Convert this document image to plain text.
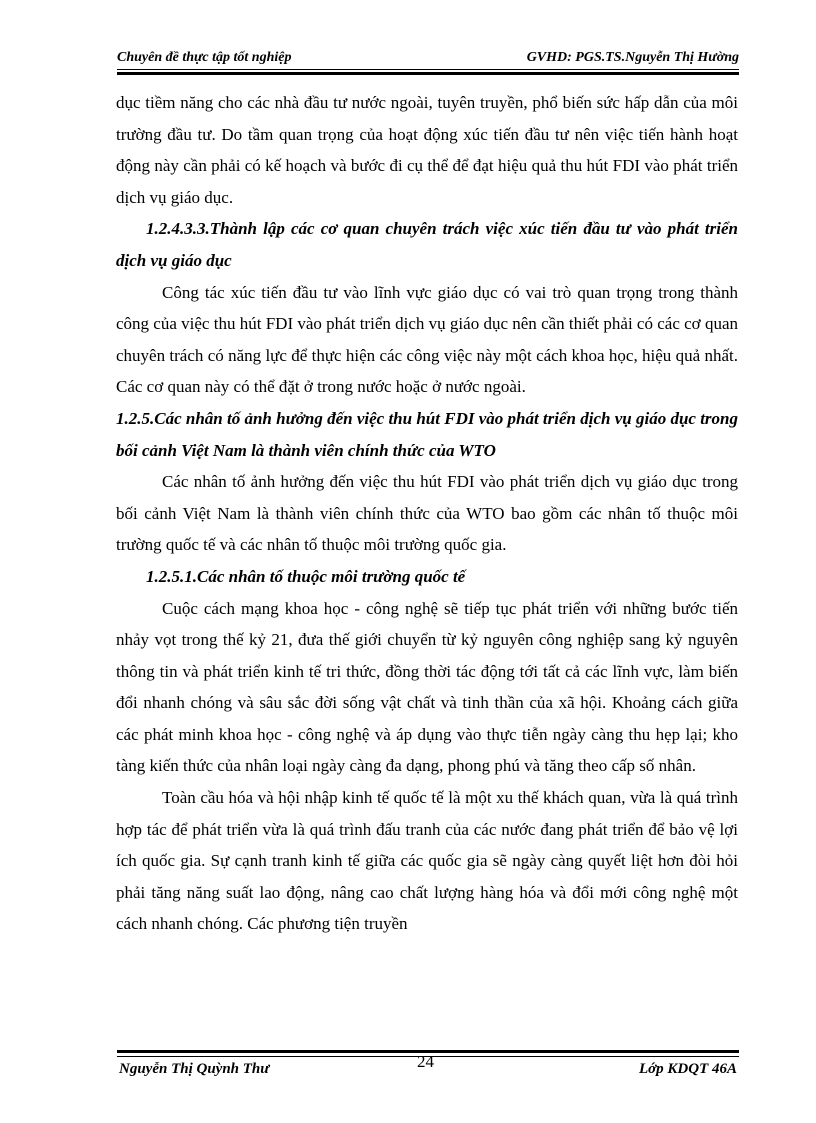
Chuyên đề thực tập tốt nghiệp	GVHD: PGS.TS.Nguyễn Thị Hường

dục tiềm năng cho các nhà đầu tư nước ngoài, tuyên truyền, phổ biến sức hấp dẫn của môi trường đầu tư. Do tầm quan trọng của hoạt động xúc tiến đầu tư nên việc tiến hành hoạt động này cần phải có kế hoạch và bước đi cụ thể để đạt hiệu quả thu hút FDI vào phát triển dịch vụ giáo dục.

1.2.4.3.3.Thành lập các cơ quan chuyên trách việc xúc tiến đầu tư vào phát triển dịch vụ giáo dục

Công tác xúc tiến đầu tư vào lĩnh vực giáo dục có vai trò quan trọng trong thành công của việc thu hút FDI vào phát triển dịch vụ giáo dục nên cần thiết phải có các cơ quan chuyên trách có năng lực để thực hiện các công việc này một cách khoa học, hiệu quả nhất. Các cơ quan này có thể đặt ở trong nước hoặc ở nước ngoài.

1.2.5.Các nhân tố ảnh hưởng đến việc thu hút FDI vào phát triển dịch vụ giáo dục trong bối cảnh Việt Nam là thành viên chính thức của WTO

Các nhân tố ảnh hưởng đến việc thu hút FDI vào phát triển dịch vụ giáo dục trong bối cảnh Việt Nam là thành viên chính thức của WTO bao gồm các nhân tố thuộc môi trường quốc tế và các nhân tố thuộc môi trường quốc gia.

1.2.5.1.Các nhân tố thuộc môi trường quốc tế

Cuộc cách mạng khoa học - công nghệ sẽ tiếp tục phát triển với những bước tiến nhảy vọt trong thế kỷ 21, đưa thế giới chuyển từ kỷ nguyên công nghiệp sang kỷ nguyên thông tin và phát triển kinh tế tri thức, đồng thời tác động tới tất cả các lĩnh vực, làm biến đổi nhanh chóng và sâu sắc đời sống vật chất và tinh thần của xã hội. Khoảng cách giữa các phát minh khoa học - công nghệ và áp dụng vào thực tiễn ngày càng thu hẹp lại; kho tàng kiến thức của nhân loại ngày càng đa dạng, phong phú và tăng theo cấp số nhân.

Toàn cầu hóa và hội nhập kinh tế quốc tế là một xu thế khách quan, vừa là quá trình hợp tác để phát triển vừa là quá trình đấu tranh của các nước đang phát triển để bảo vệ lợi ích quốc gia. Sự cạnh tranh kinh tế giữa các quốc gia sẽ ngày càng quyết liệt hơn đòi hỏi phải tăng năng suất lao động, nâng cao chất lượng hàng hóa và đổi mới công nghệ một cách nhanh chóng. Các phương tiện truyền

Nguyễn Thị Quỳnh Thư	24	Lớp KDQT 46A
